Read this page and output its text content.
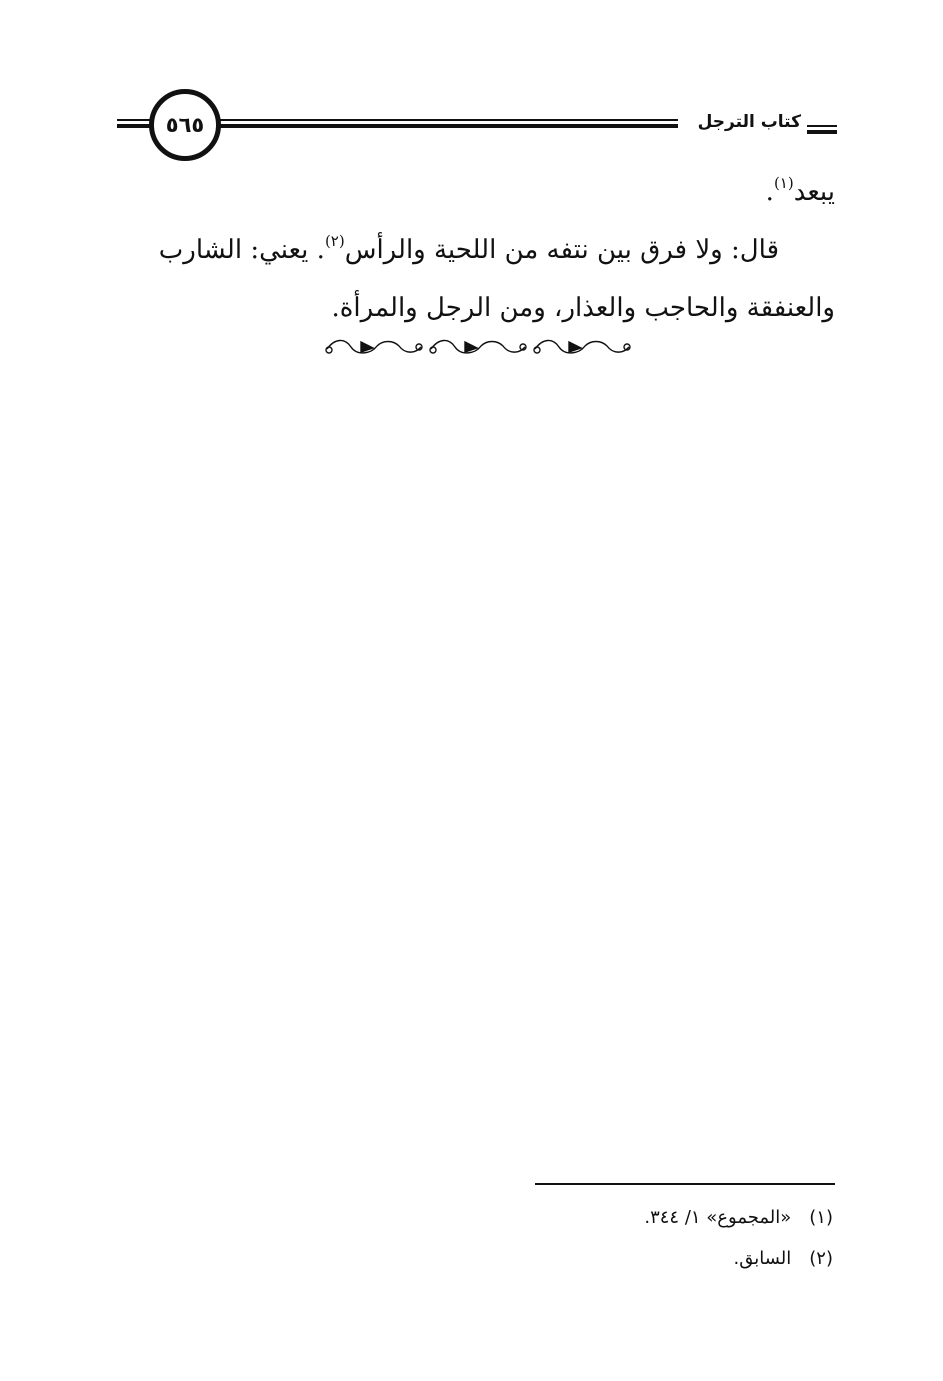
٥٦٥	كتاب الترجل
يبعد$^{(١)}$.
قال: ولا فرق بين نتفه من اللحية والرأس$^{(٢)}$. يعني: الشارب
والعنفقة والحاجب والعذار، ومن الرجل والمرأة.
(١)«المجموع» ١/ ٣٤٤.
(٢)السابق.
